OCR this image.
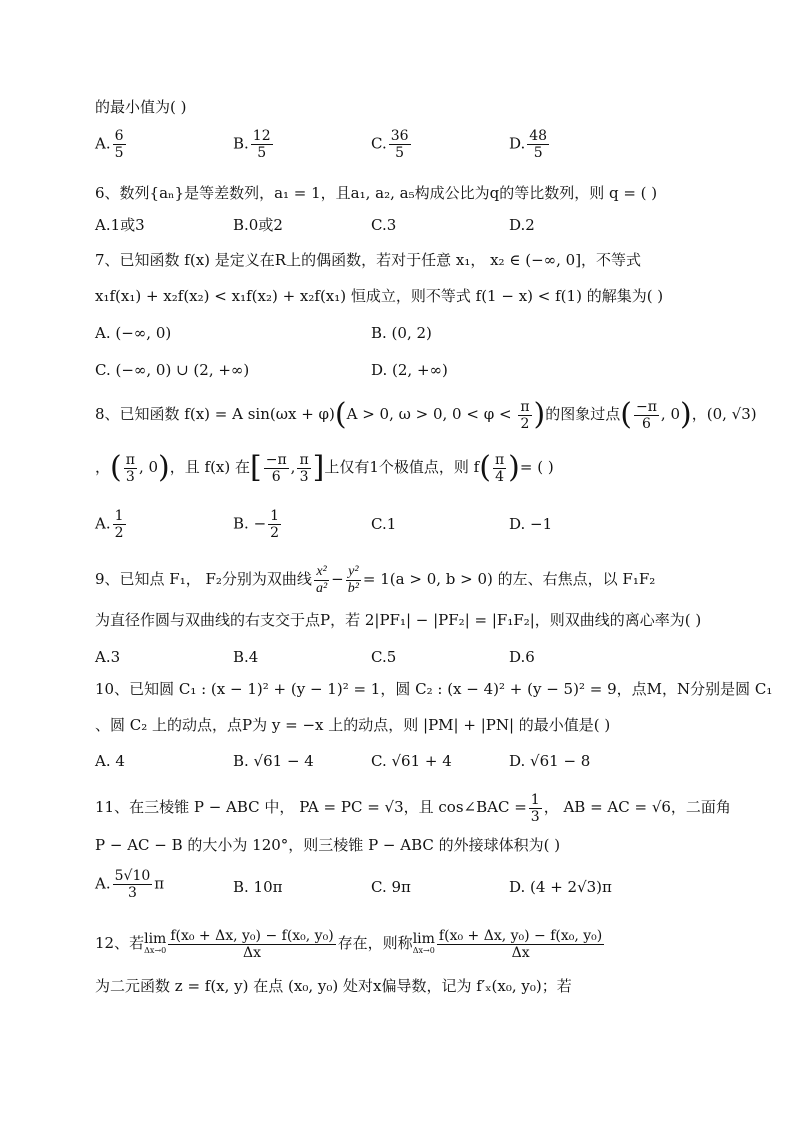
的最小值为( )
A. $\frac{6}{5}$	B. $\frac{12}{5}$	C. $\frac{36}{5}$	D. $\frac{48}{5}$
6、数列{aₙ}是等差数列，a₁ = 1，且a₁, a₂, a₅构成公比为q的等比数列，则 q = ( )
A.1或3	B.0或2	C.3	D.2
7、已知函数 f(x) 是定义在R上的偶函数，若对于任意 x₁， x₂ ∈ (−∞, 0]，不等式
x₁f(x₁) + x₂f(x₂) < x₁f(x₂) + x₂f(x₁) 恒成立，则不等式 f(1 − x) < f(1) 的解集为( )
A. (−∞, 0)	B. (0, 2)
C. (−∞, 0) ∪ (2, +∞)	D. (2, +∞)
8、已知函数 f(x) = A sin(ωx + φ)(A > 0, ω > 0, $0 < \varphi < \frac{\pi}{2}$ )的图象过点( $\frac{-\pi}{6}$ , 0)，(0, √3)
，( $\frac{\pi}{3}$ , 0)，且 f(x) 在[ $\frac{-\pi}{6}$ , $\frac{\pi}{3}$ ]上仅有1个极值点，则 $f( \frac{\pi}{4}$ )= ( )
A. $\frac{1}{2}$	B. − $\frac{1}{2}$	C.1	D. −1
9、已知点 F₁， F₂分别为双曲线 $\frac{\text{x²}}{\text{a²}} - \frac{\text{y²}}{\text{b²}} = 1(a > 0$, b > 0) 的左、右焦点，以 F₁F₂
为直径作圆与双曲线的右支交于点P，若 2|PF₁| − |PF₂| = |F₁F₂|，则双曲线的离心率为( )
A.3	B.4	C.5	D.6
10、已知圆 C₁ : (x − 1)² + (y − 1)² = 1，圆 C₂ : (x − 4)² + (y − 5)² = 9，点M，N分别是圆 C₁
、圆 C₂ 上的动点，点P为 y = −x 上的动点，则 |PM| + |PN| 的最小值是( )
A. 4	B. √61 − 4	C. √61 + 4	D. √61 − 8
11、在三棱锥 P − ABC 中， PA = PC = √3，且 cos∠BAC = $\frac{1}{3}$ ， AB = AC = √6，二面角
P − AC − B 的大小为 120°，则三棱锥 P − ABC 的外接球体积为( )
A. $\frac{5√10}{3}$ π	B. 10π	C. 9π	D. (4 + 2√3)π
12、若 lim
$\Delta x\to 0 \frac{\text{f(x₀ + Δx, y₀) − f(x₀, y₀)}}{\Delta x}$ 存在，则称 lim
$\Delta x\to 0 \frac{\text{f(x₀ + Δx, y₀) − f(x₀, y₀)}}{\Delta x}$
为二元函数 z = f(x, y) 在点 (x₀, y₀) 处对x偏导数，记为 f′ₓ(x₀, y₀)；若
